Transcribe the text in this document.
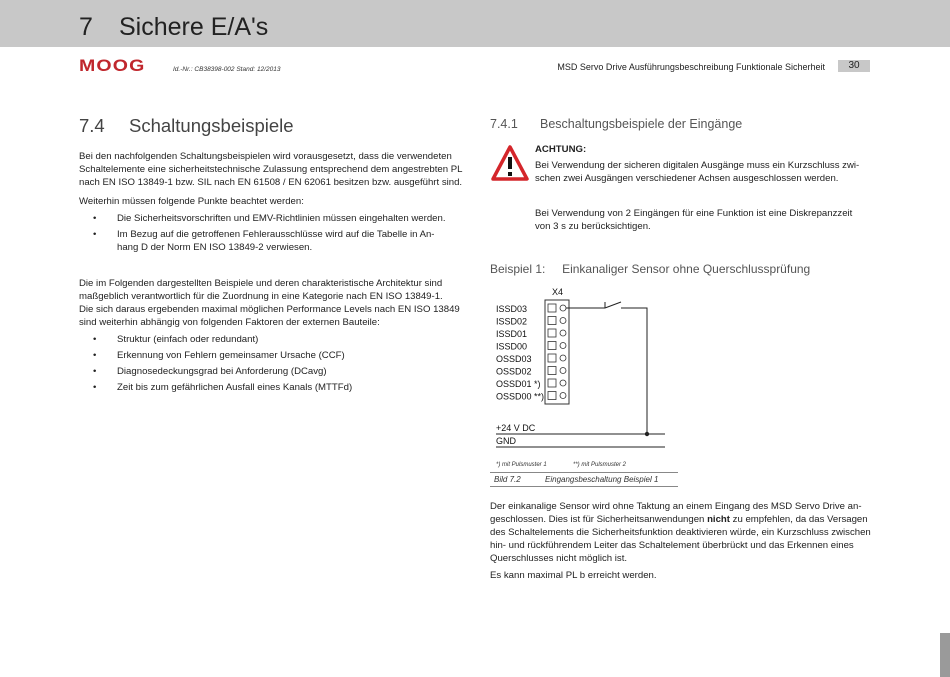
7 Sichere E/A's
MOOG	Id.-Nr.: CB38398-002 Stand: 12/2013	MSD Servo Drive Ausführungsbeschreibung Funktionale Sicherheit	30
7.4 Schaltungsbeispiele
Bei den nachfolgenden Schaltungsbeispielen wird vorausgesetzt, dass die verwendeten
Schaltelemente eine sicherheitstechnische Zulassung entsprechend dem angestrebten PL
nach EN ISO 13849-1 bzw. SIL nach EN 61508 / EN 62061 besitzen bzw. ausgeführt sind.
Weiterhin müssen folgende Punkte beachtet werden:
• Die Sicherheitsvorschriften und EMV-Richtlinien müssen eingehalten werden.
• Im Bezug auf die getroffenen Fehlerausschlüsse wird auf die Tabelle in An-
hang D der Norm EN ISO 13849-2 verwiesen.
Die im Folgenden dargestellten Beispiele und deren charakteristische Architektur sind
maßgeblich verantwortlich für die Zuordnung in eine Kategorie nach EN ISO 13849-1.
Die sich daraus ergebenden maximal möglichen Performance Levels nach EN ISO 13849
sind weiterhin abhängig von folgenden Faktoren der externen Bauteile:
• Struktur (einfach oder redundant)
• Erkennung von Fehlern gemeinsamer Ursache (CCF)
• Diagnosedeckungsgrad bei Anforderung (DCavg)
• Zeit bis zum gefährlichen Ausfall eines Kanals (MTTFd)
7.4.1 Beschaltungsbeispiele der Eingänge
ACHTUNG:
Bei Verwendung der sicheren digitalen Ausgänge muss ein Kurzschluss zwi-
schen zwei Ausgängen verschiedener Achsen ausgeschlossen werden.
Bei Verwendung von 2 Eingängen für eine Funktion ist eine Diskrepanzzeit
von 3 s zu berücksichtigen.
Beispiel 1: Einkanaliger Sensor ohne Querschlussprüfung
X4
ISSD03
ISSD02
ISSD01
ISSD00
OSSD03
OSSD02
OSSD01 *)
OSSD00 **)
+24 V DC
GND
*) mit Pulsmuster 1	**) mit Pulsmuster 2
Bild 7.2	Eingangsbeschaltung Beispiel 1
Der einkanalige Sensor wird ohne Taktung an einem Eingang des MSD Servo Drive an-
geschlossen. Dies ist für Sicherheitsanwendungen nicht zu empfehlen, da das Versagen
des Schaltelements die Sicherheitsfunktion deaktivieren würde, ein Kurzschluss zwischen
hin- und rückführendem Leiter das Schaltelement überbrückt und das Erkennen eines
Querschlusses nicht möglich ist.
Es kann maximal PL b erreicht werden.
